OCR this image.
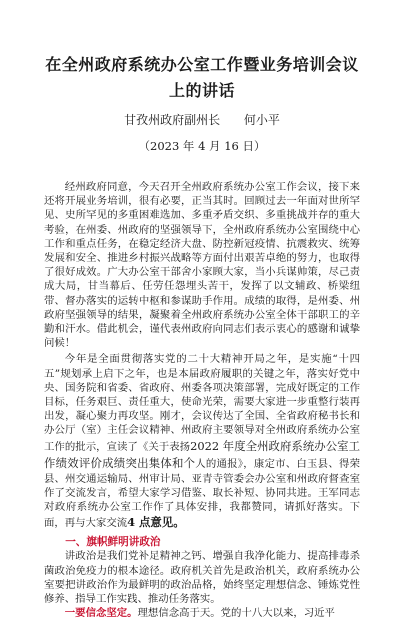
在全州政府系统办公室工作暨业务培训会议上的讲话
甘孜州政府副州长 何小平
（2023 年 4 月 16 日）

经州政府同意，今天召开全州政府系统办公室工作会议，接下来还将开展业务培训，很有必要，正当其时。回顾过去一年面对世所罕见、史所罕见的多重困难选加、多重矛盾交织、多重挑战并存的重大考验，在州委、州政府的坚强领导下，全州政府系统办公室围绕中心工作和重点任务，在稳定经济大盘、防控新冠疫情、抗震救灾、统筹发展和安全、推进乡村振兴战略等方面付出艰苦卓绝的努力，也取得了很好成效。广大办公室干部舍小家顾大家，当小兵谋帅策，尽己责成大局，甘当幕后、任劳任怨埋头苦干，发挥了以文辅政、桥梁纽带、督办落实的运转中枢和参谋助手作用。成绩的取得，是州委、州政府坚强领导的结果，凝聚着全州政府系统办公室全体干部职工的辛勤和汗水。借此机会，谨代表州政府向同志们表示衷心的感谢和诚挚问候！

今年是全面贯彻落实党的二十大精神开局之年，是实施“十四五”规划承上启下之年，也是本届政府履职的关键之年，落实好党中央、国务院和省委、省政府、州委各项决策部署，完成好既定的工作目标，任务艰巨、责任重大，使命光荣，需要大家进一步重整行装再出发，凝心聚力再攻坚。刚才，会议传达了全国、全省政府秘书长和办公厅（室）主任会议精神、州政府主要领导对全州政府系统办公室工作的批示，宣读了《关于表扬2022 年度全州政府系统办公室工作绩效评价成绩突出集体和个人的通报》，康定市、白玉县、得荣县、州交通运输局、州审计局、亚青寺管委会办公室和州政府督查室作了交流发言，希望大家学习借鉴、取长补短、协同共进。王军同志对政府系统办公室工作作了具体安排，我都赞同，请抓好落实。下面，再与大家交流4 点意见。

一、旗帜鲜明讲政治

讲政治是我们党补足精神之钙、增强自我净化能力、提高排毒杀菌政治免疫力的根本途径。政府机关首先是政治机关，政府系统办公室要把讲政治作为最鲜明的政治品格，始终坚定理想信念、锤炼党性修养、指导工作实践、推动任务落实。

一要信念坚定。理想信念高于天。党的十八大以来，习近平
